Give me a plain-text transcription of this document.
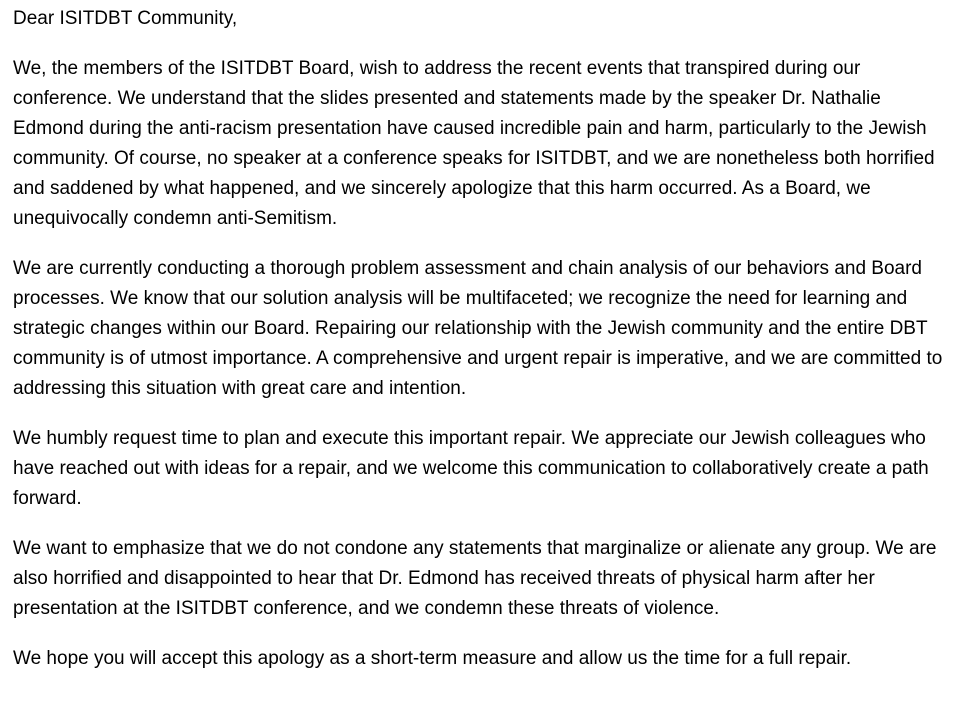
Dear ISITDBT Community,

We, the members of the ISITDBT Board, wish to address the recent events that transpired during our conference. We understand that the slides presented and statements made by the speaker Dr. Nathalie Edmond during the anti-racism presentation have caused incredible pain and harm, particularly to the Jewish community. Of course, no speaker at a conference speaks for ISITDBT, and we are nonetheless both horrified and saddened by what happened, and we sincerely apologize that this harm occurred. As a Board, we unequivocally condemn anti-Semitism.

We are currently conducting a thorough problem assessment and chain analysis of our behaviors and Board processes. We know that our solution analysis will be multifaceted; we recognize the need for learning and strategic changes within our Board. Repairing our relationship with the Jewish community and the entire DBT community is of utmost importance. A comprehensive and urgent repair is imperative, and we are committed to addressing this situation with great care and intention.

We humbly request time to plan and execute this important repair. We appreciate our Jewish colleagues who have reached out with ideas for a repair, and we welcome this communication to collaboratively create a path forward.

We want to emphasize that we do not condone any statements that marginalize or alienate any group. We are also horrified and disappointed to hear that Dr. Edmond has received threats of physical harm after her presentation at the ISITDBT conference, and we condemn these threats of violence.

We hope you will accept this apology as a short-term measure and allow us the time for a full repair.
